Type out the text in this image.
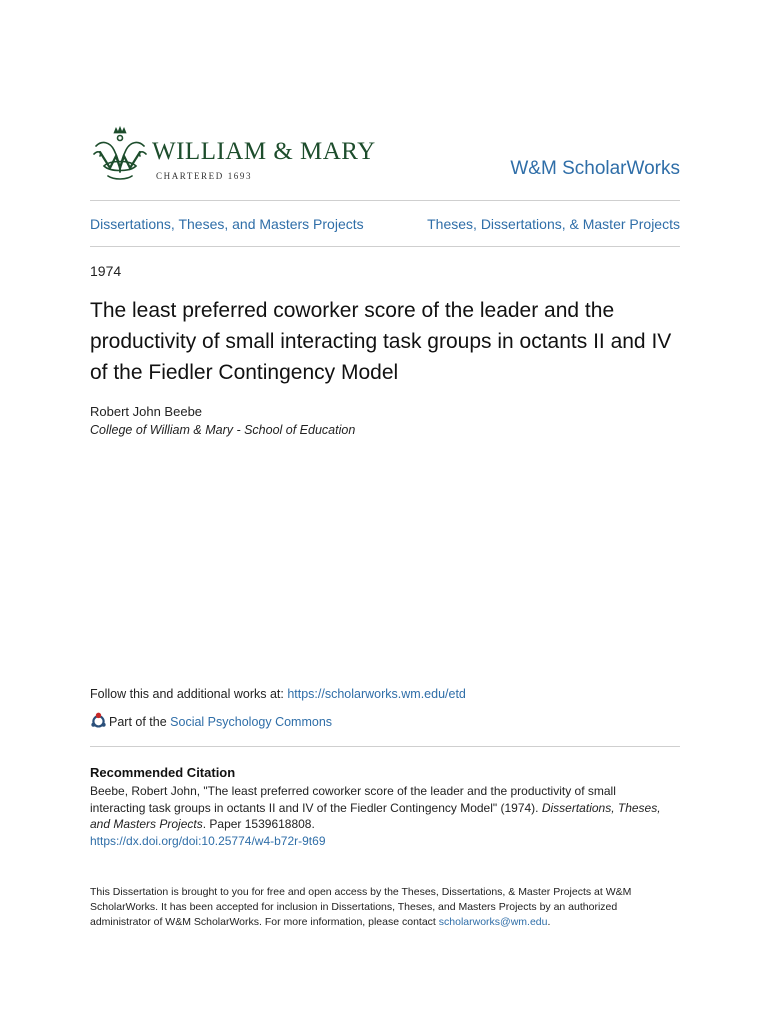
WILLIAM & MARY
CHARTERED 1693	W&M ScholarWorks
Dissertations, Theses, and Masters Projects	Theses, Dissertations, & Master Projects
1974
The least preferred coworker score of the leader and the productivity of small interacting task groups in octants II and IV of the Fiedler Contingency Model
Robert John Beebe
College of William & Mary - School of Education
Follow this and additional works at: https://scholarworks.wm.edu/etd
Part of the Social Psychology Commons
Recommended Citation
Beebe, Robert John, "The least preferred coworker score of the leader and the productivity of small interacting task groups in octants II and IV of the Fiedler Contingency Model" (1974). Dissertations, Theses, and Masters Projects. Paper 1539618808.
https://dx.doi.org/doi:10.25774/w4-b72r-9t69
This Dissertation is brought to you for free and open access by the Theses, Dissertations, & Master Projects at W&M ScholarWorks. It has been accepted for inclusion in Dissertations, Theses, and Masters Projects by an authorized administrator of W&M ScholarWorks. For more information, please contact scholarworks@wm.edu.
